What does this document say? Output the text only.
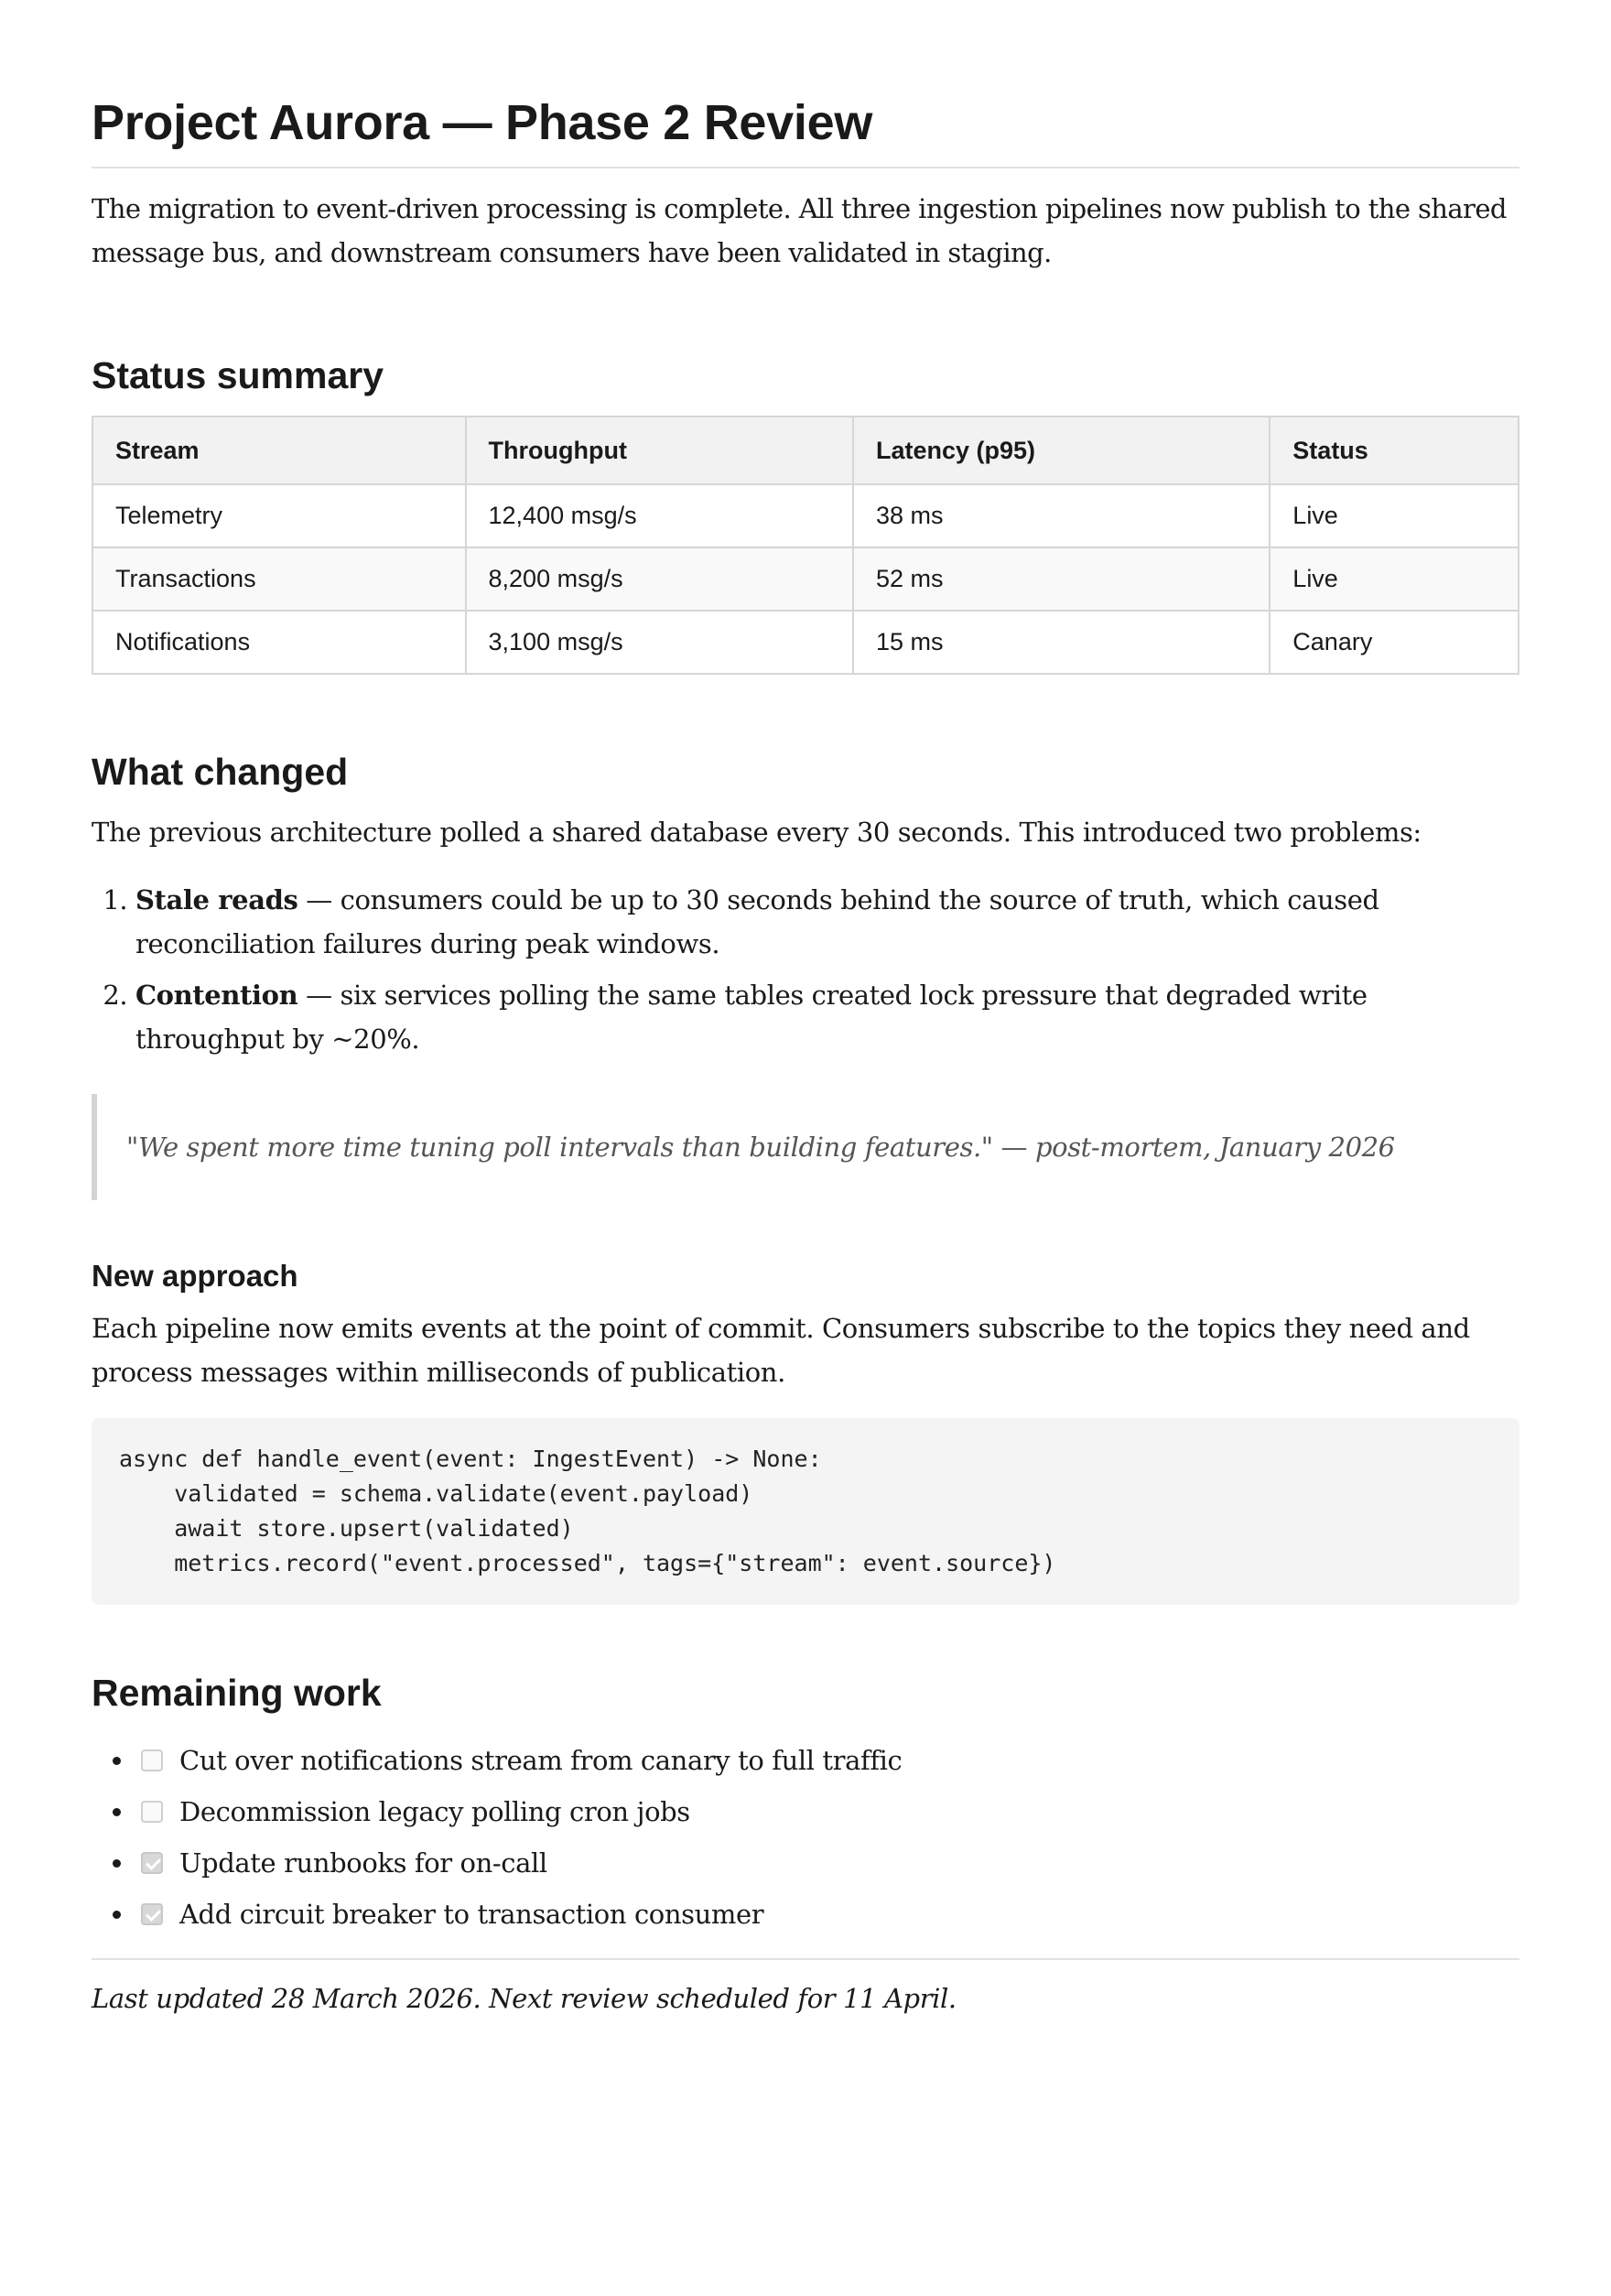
Project Aurora — Phase 2 Review

The migration to event-driven processing is complete. All three ingestion pipelines now publish to the shared message bus, and downstream consumers have been validated in staging.

Status summary
Stream	Throughput	Latency (p95)	Status
Telemetry	12,400 msg/s	38 ms	Live
Transactions	8,200 msg/s	52 ms	Live
Notifications	3,100 msg/s	15 ms	Canary
What changed

The previous architecture polled a shared database every 30 seconds. This introduced two problems:

1. Stale reads — consumers could be up to 30 seconds behind the source of truth, which caused reconciliation failures during peak windows.
2. Contention — six services polling the same tables created lock pressure that degraded write throughput by ~20%.
"We spent more time tuning poll intervals than building features." — post-mortem, January 2026
New approach

Each pipeline now emits events at the point of commit. Consumers subscribe to the topics they need and process messages within milliseconds of publication.

async def handle_event(event: IngestEvent) -> None:
validated = schema.validate(event.payload)
await store.upsert(validated)
metrics.record("event.processed", tags={"stream": event.source})
Remaining work
• Cut over notifications stream from canary to full traffic
• Decommission legacy polling cron jobs
• Update runbooks for on-call
• Add circuit breaker to transaction consumer

Last updated 28 March 2026. Next review scheduled for 11 April.
